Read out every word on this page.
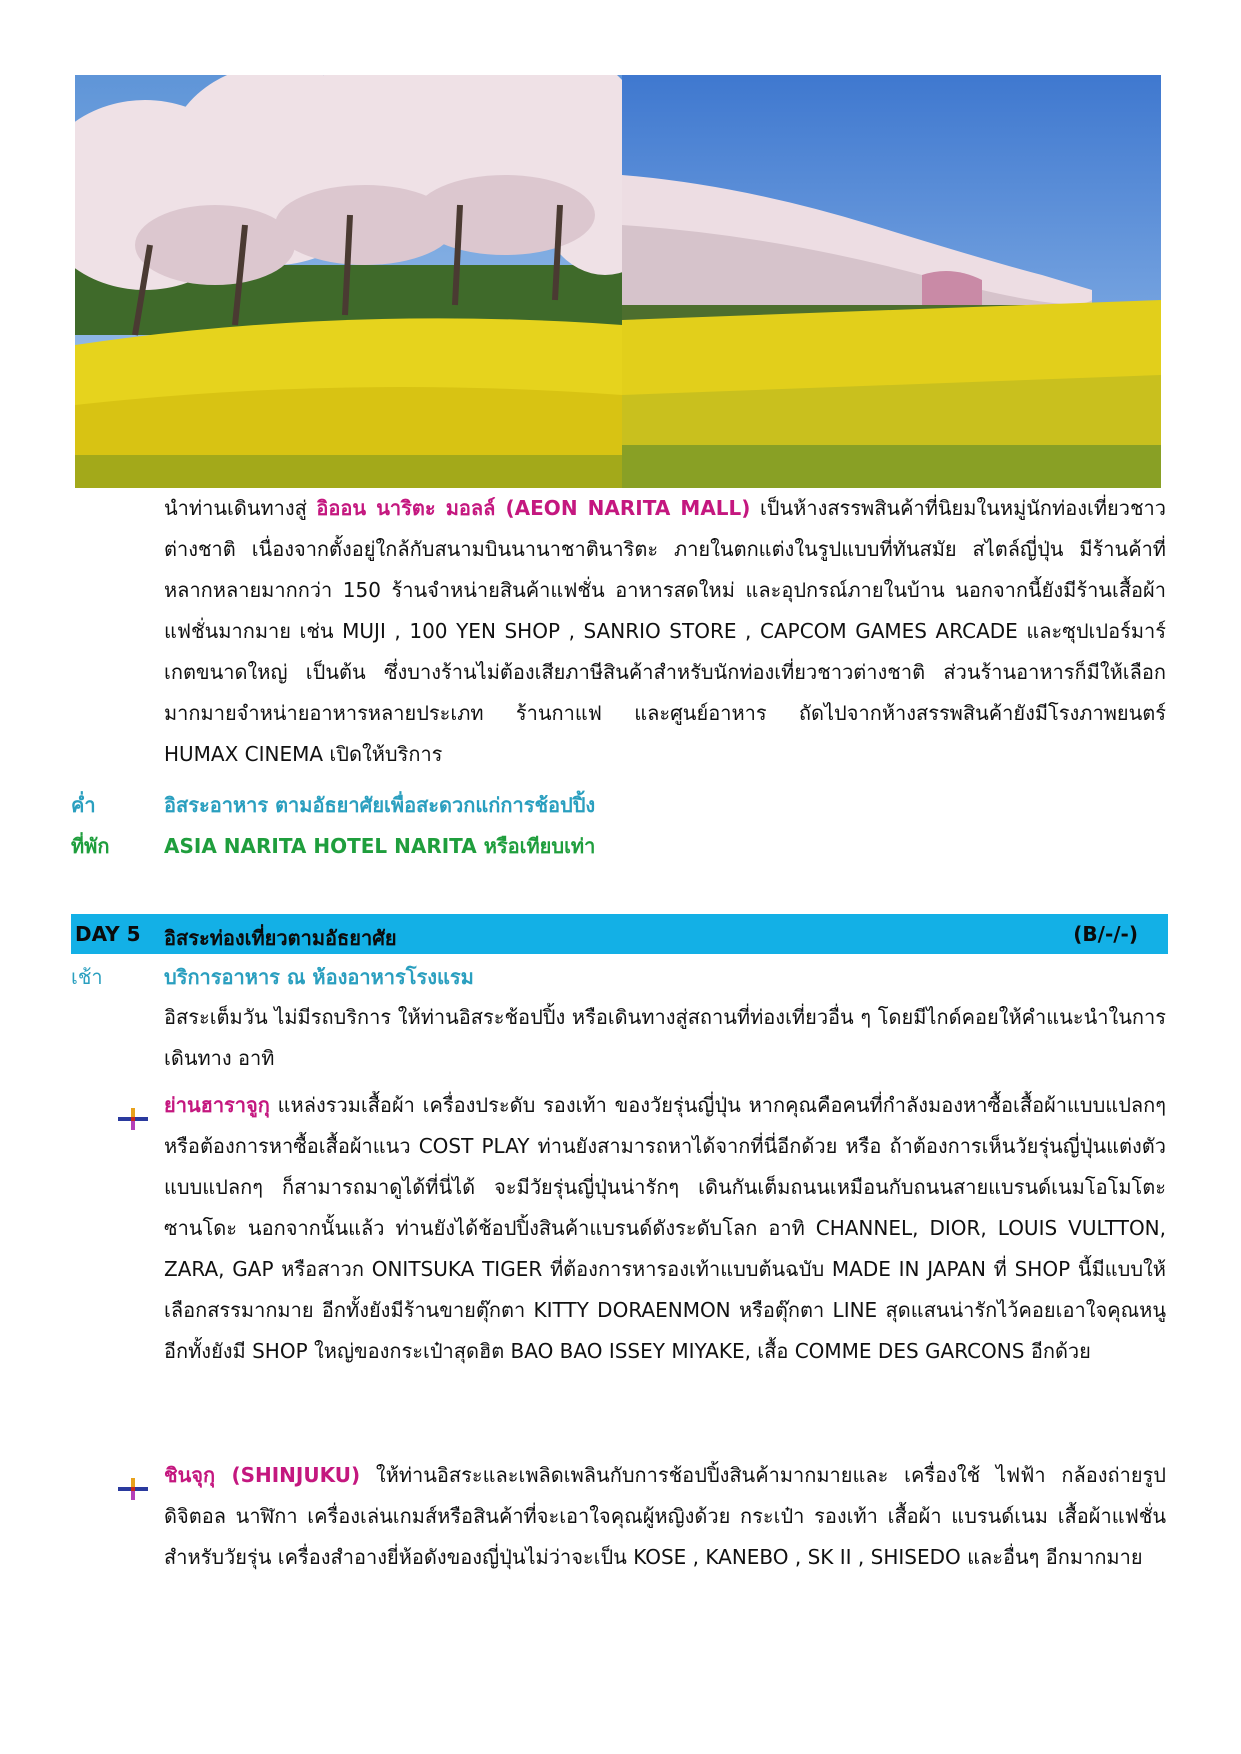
นำท่านเดินทางสู่ อิออน นาริตะ มอลล์ (AEON NARITA MALL) เป็นห้างสรรพสินค้าที่นิยมในหมู่นักท่องเที่ยวชาวต่างชาติ เนื่องจากตั้งอยู่ใกล้กับสนามบินนานาชาตินาริตะ ภายในตกแต่งในรูปแบบที่ทันสมัย สไตล์ญี่ปุ่น มีร้านค้าที่หลากหลายมากกว่า 150 ร้านจำหน่ายสินค้าแฟชั่น อาหารสดใหม่ และอุปกรณ์ภายในบ้าน นอกจากนี้ยังมีร้านเสื้อผ้าแฟชั่นมากมาย เช่น MUJI , 100 YEN SHOP , SANRIO STORE , CAPCOM GAMES ARCADE และซุปเปอร์มาร์เกตขนาดใหญ่ เป็นต้น ซึ่งบางร้านไม่ต้องเสียภาษีสินค้าสำหรับนักท่องเที่ยวชาวต่างชาติ ส่วนร้านอาหารก็มีให้เลือกมากมายจำหน่ายอาหารหลายประเภท ร้านกาแฟ และศูนย์อาหาร ถัดไปจากห้างสรรพสินค้ายังมีโรงภาพยนตร์ HUMAX CINEMA เปิดให้บริการ

ค่ำ	อิสระอาหาร ตามอัธยาศัยเพื่อสะดวกแก่การช้อปปิ้ง
ที่พัก	ASIA NARITA HOTEL NARITA หรือเทียบเท่า
DAY 5 อิสระท่องเที่ยวตามอัธยาศัย	(B/-/-)
เช้า	บริการอาหาร ณ ห้องอาหารโรงแรม

อิสระเต็มวัน ไม่มีรถบริการ ให้ท่านอิสระช้อปปิ้ง หรือเดินทางสู่สถานที่ท่องเที่ยวอื่น ๆ โดยมีไกด์คอยให้คำแนะนำในการเดินทาง อาทิ

ย่านฮาราจูกุ แหล่งรวมเสื้อผ้า เครื่องประดับ รองเท้า ของวัยรุ่นญี่ปุ่น หากคุณคือคนที่กำลังมองหาซื้อเสื้อผ้าแบบแปลกๆ หรือต้องการหาซื้อเสื้อผ้าแนว COST PLAY ท่านยังสามารถหาได้จากที่นี่อีกด้วย หรือ ถ้าต้องการเห็นวัยรุ่นญี่ปุ่นแต่งตัวแบบแปลกๆ ก็สามารถมาดูได้ที่นี่ได้ จะมีวัยรุ่นญี่ปุ่นน่ารักๆ เดินกันเต็มถนนเหมือนกับถนนสายแบรนด์เนมโอโมโตะซานโดะ นอกจากนั้นแล้ว ท่านยังได้ช้อปปิ้งสินค้าแบรนด์ดังระดับโลก อาทิ CHANNEL, DIOR, LOUIS VULTTON, ZARA, GAP หรือสาวก ONITSUKA TIGER ที่ต้องการหารองเท้าแบบต้นฉบับ MADE IN JAPAN ที่ SHOP นี้มีแบบให้เลือกสรรมากมาย อีกทั้งยังมีร้านขายตุ๊กตา KITTY DORAENMON หรือตุ๊กตา LINE สุดแสนน่ารักไว้คอยเอาใจคุณหนู อีกทั้งยังมี SHOP ใหญ่ของกระเป๋าสุดฮิต BAO BAO ISSEY MIYAKE, เสื้อ COMME DES GARCONS อีกด้วย

ชินจุกุ (SHINJUKU) ให้ท่านอิสระและเพลิดเพลินกับการช้อปปิ้งสินค้ามากมายและ เครื่องใช้ ไฟฟ้า กล้องถ่ายรูปดิจิตอล นาฬิกา เครื่องเล่นเกมส์หรือสินค้าที่จะเอาใจคุณผู้หญิงด้วย กระเป๋า รองเท้า เสื้อผ้า แบรนด์เนม เสื้อผ้าแฟชั่นสำหรับวัยรุ่น เครื่องสำอางยี่ห้อดังของญี่ปุ่นไม่ว่าจะเป็น KOSE , KANEBO , SK II , SHISEDO และอื่นๆ อีกมากมาย
